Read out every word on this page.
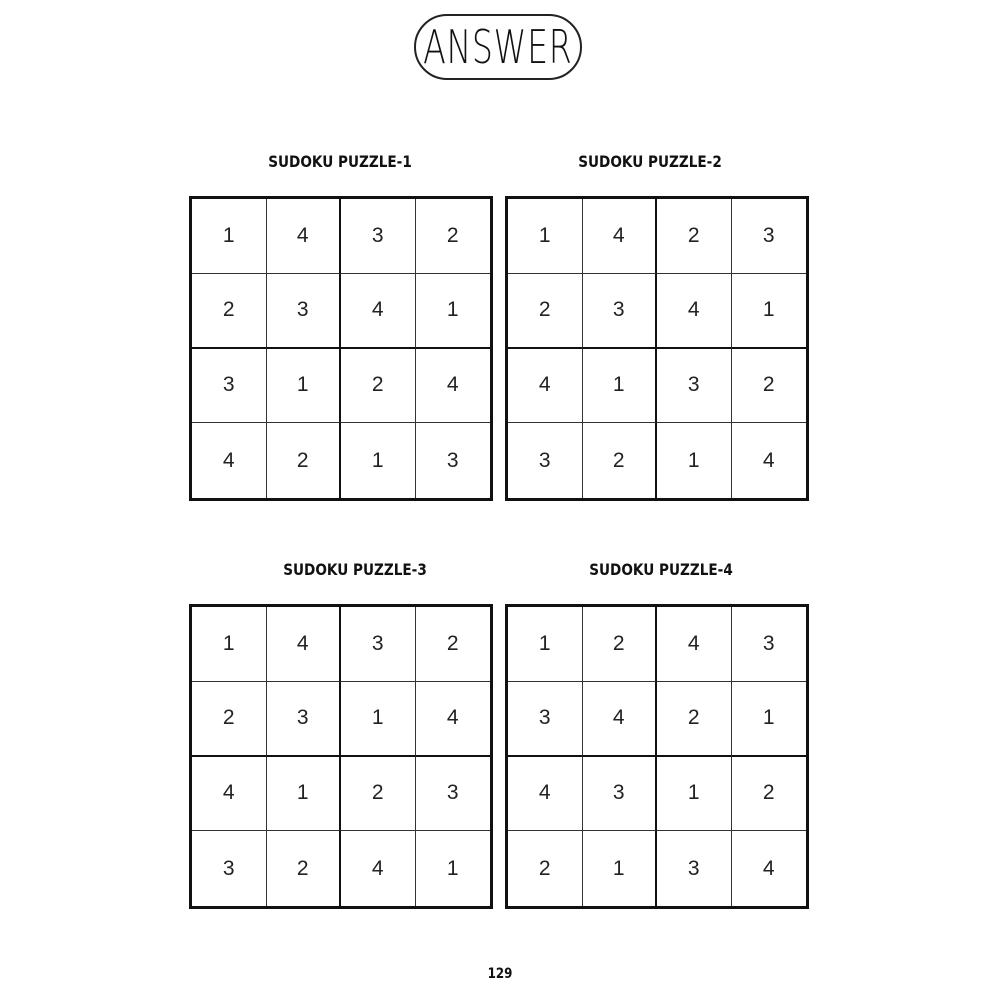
ANSWER
SUDOKU PUZZLE-1	SUDOKU PUZZLE-2
SUDOKU PUZZLE-3	SUDOKU PUZZLE-4
1	4	3	2
2	3	4	1
3	1	2	4
4	2	1	3
1	4	2	3
2	3	4	1
4	1	3	2
3	2	1	4
1	4	3	2
2	3	1	4
4	1	2	3
3	2	4	1
1	2	4	3
3	4	2	1
4	3	1	2
2	1	3	4
129
